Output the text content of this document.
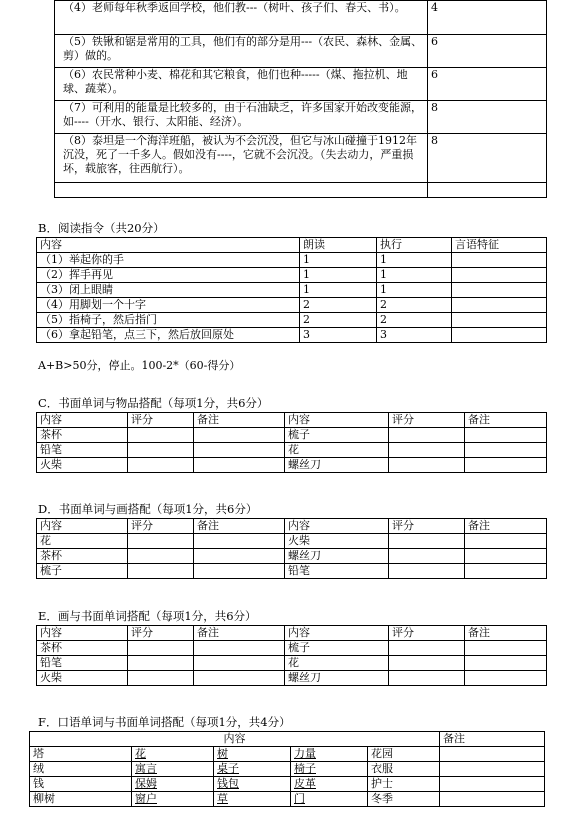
（4）老师每年秋季返回学校，他们教---（树叶、孩子们、春天、书）。	4
（5）铁锹和锯是常用的工具，他们有的部分是用---（农民、森林、金属、剪）做的。	6
（6）农民常种小麦、棉花和其它粮食，他们也种-----（煤、拖拉机、地球、蔬菜）。	6
（7）可利用的能量是比较多的，由于石油缺乏，许多国家开始改变能源，如----（开水、银行、太阳能、经济）。	8
（8）泰坦是一个海洋班船，被认为不会沉没，但它与冰山碰撞于1912年沉没，死了一千多人。假如没有----，它就不会沉没。（失去动力，严重损坏，载旅客，往西航行）。	8

B．阅读指令（共20分）
内容	朗读	执行	言语特征
（1）举起你的手	1	1	
（2）挥手再见	1	1	
（3）闭上眼睛	1	1	
（4）用脚划一个十字	2	2	
（5）指椅子，然后指门	2	2	
（6）拿起铅笔，点三下，然后放回原处	3	3	
A+B>50分，停止。100-2*（60-得分）
C．书面单词与物品搭配（每项1分，共6分）
内容	评分	备注	内容	评分	备注
茶杯			梳子		
铅笔			花		
火柴			螺丝刀		
D．书面单词与画搭配（每项1分，共6分）
内容	评分	备注	内容	评分	备注
花			火柴		
茶杯			螺丝刀		
梳子			铅笔		
E．画与书面单词搭配（每项1分，共6分）
内容	评分	备注	内容	评分	备注
茶杯			梳子		
铅笔			花		
火柴			螺丝刀		
F．口语单词与书面单词搭配（每项1分，共4分）
内容					备注
塔	花	树	力量	花园	
绒	寓言	桌子	椅子	衣服	
钱	保姆	钱包	皮革	护士	
柳树	窗户	草	门	冬季	
